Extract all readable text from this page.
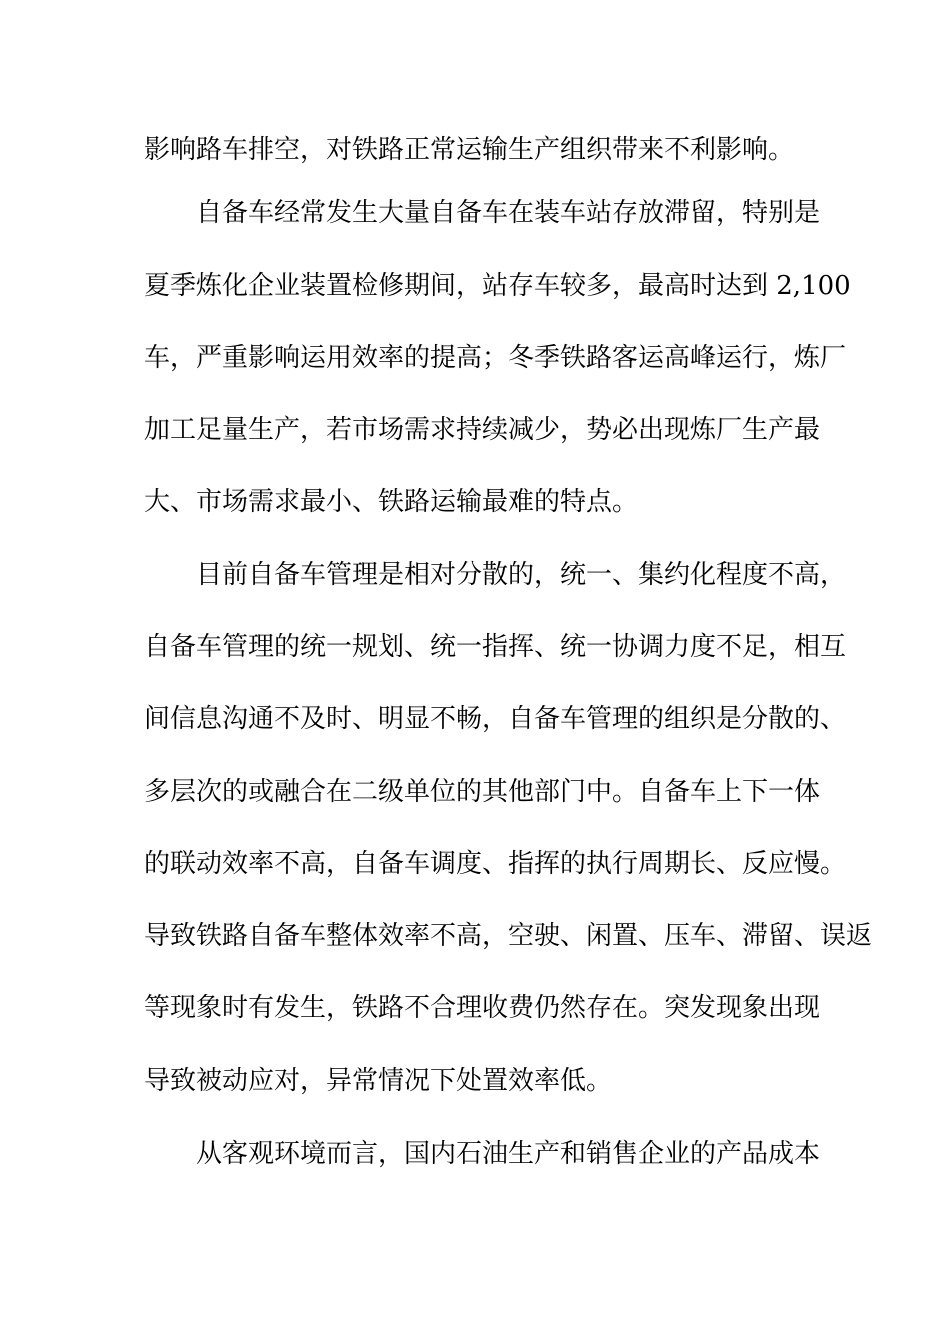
影响路车排空，对铁路正常运输生产组织带来不利影响。
自备车经常发生大量自备车在装车站存放滞留，特别是
夏季炼化企业装置检修期间，站存车较多，最高时达到 2,100
车，严重影响运用效率的提高；冬季铁路客运高峰运行，炼厂
加工足量生产，若市场需求持续减少，势必出现炼厂生产最
大、市场需求最小、铁路运输最难的特点。
目前自备车管理是相对分散的，统一、集约化程度不高，
自备车管理的统一规划、统一指挥、统一协调力度不足，相互
间信息沟通不及时、明显不畅，自备车管理的组织是分散的、
多层次的或融合在二级单位的其他部门中。自备车上下一体
的联动效率不高，自备车调度、指挥的执行周期长、反应慢。
导致铁路自备车整体效率不高，空驶、闲置、压车、滞留、误返
等现象时有发生，铁路不合理收费仍然存在。突发现象出现
导致被动应对，异常情况下处置效率低。
从客观环境而言，国内石油生产和销售企业的产品成本
